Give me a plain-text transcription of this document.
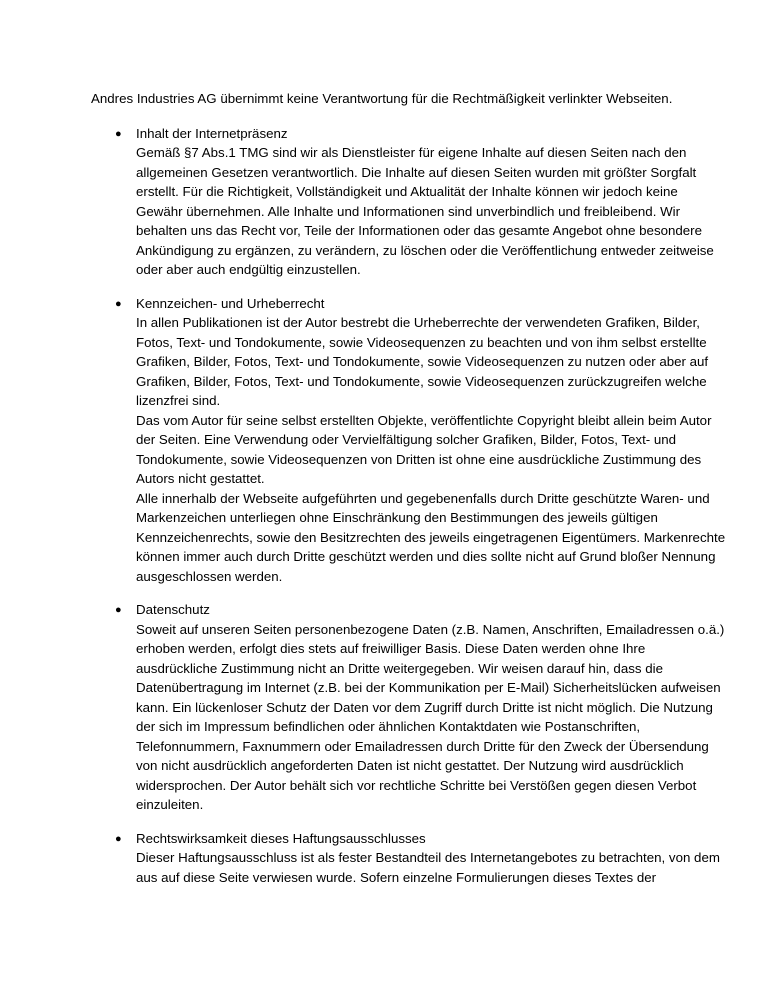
Andres Industries AG übernimmt keine Verantwortung für die Rechtmäßigkeit verlinkter Webseiten.

● Inhalt der Internetpräsenz

Gemäß §7 Abs.1 TMG sind wir als Dienstleister für eigene Inhalte auf diesen Seiten nach den allgemeinen Gesetzen verantwortlich. Die Inhalte auf diesen Seiten wurden mit größter Sorgfalt erstellt. Für die Richtigkeit, Vollständigkeit und Aktualität der Inhalte können wir jedoch keine Gewähr übernehmen. Alle Inhalte und Informationen sind unverbindlich und freibleibend. Wir behalten uns das Recht vor, Teile der Informationen oder das gesamte Angebot ohne besondere Ankündigung zu ergänzen, zu verändern, zu löschen oder die Veröffentlichung entweder zeitweise oder aber auch endgültig einzustellen.

● Kennzeichen- und Urheberrecht

In allen Publikationen ist der Autor bestrebt die Urheberrechte der verwendeten Grafiken, Bilder, Fotos, Text- und Tondokumente, sowie Videosequenzen zu beachten und von ihm selbst erstellte Grafiken, Bilder, Fotos, Text- und Tondokumente, sowie Videosequenzen zu nutzen oder aber auf Grafiken, Bilder, Fotos, Text- und Tondokumente, sowie Videosequenzen zurückzugreifen welche lizenzfrei sind.

Das vom Autor für seine selbst erstellten Objekte, veröffentlichte Copyright bleibt allein beim Autor der Seiten. Eine Verwendung oder Vervielfältigung solcher Grafiken, Bilder, Fotos, Text- und Tondokumente, sowie Videosequenzen von Dritten ist ohne eine ausdrückliche Zustimmung des Autors nicht gestattet.

Alle innerhalb der Webseite aufgeführten und gegebenenfalls durch Dritte geschützte Waren- und Markenzeichen unterliegen ohne Einschränkung den Bestimmungen des jeweils gültigen Kennzeichenrechts, sowie den Besitzrechten des jeweils eingetragenen Eigentümers. Markenrechte können immer auch durch Dritte geschützt werden und dies sollte nicht auf Grund bloßer Nennung ausgeschlossen werden.

● Datenschutz

Soweit auf unseren Seiten personenbezogene Daten (z.B. Namen, Anschriften, Emailadressen o.ä.) erhoben werden, erfolgt dies stets auf freiwilliger Basis. Diese Daten werden ohne Ihre ausdrückliche Zustimmung nicht an Dritte weitergegeben. Wir weisen darauf hin, dass die Datenübertragung im Internet (z.B. bei der Kommunikation per E-Mail) Sicherheitslücken aufweisen kann. Ein lückenloser Schutz der Daten vor dem Zugriff durch Dritte ist nicht möglich. Die Nutzung der sich im Impressum befindlichen oder ähnlichen Kontaktdaten wie Postanschriften, Telefonnummern, Faxnummern oder Emailadressen durch Dritte für den Zweck der Übersendung von nicht ausdrücklich angeforderten Daten ist nicht gestattet. Der Nutzung wird ausdrücklich widersprochen. Der Autor behält sich vor rechtliche Schritte bei Verstößen gegen diesen Verbot einzuleiten.

● Rechtswirksamkeit dieses Haftungsausschlusses

Dieser Haftungsausschluss ist als fester Bestandteil des Internetangebotes zu betrachten, von dem aus auf diese Seite verwiesen wurde. Sofern einzelne Formulierungen dieses Textes der
